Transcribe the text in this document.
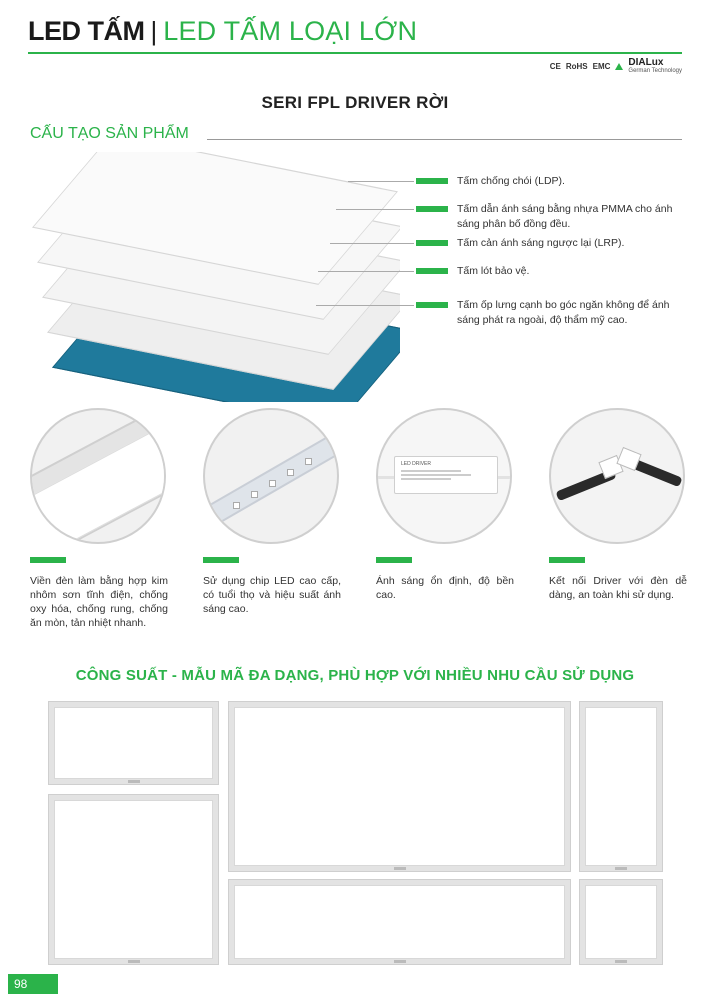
LED TẤM | LED TẤM LOẠI LỚN
CE RoHS EMC DIALux
German Technology
SERI FPL DRIVER RỜI
CẤU TẠO SẢN PHẨM
Tấm chống chói (LDP).
Tấm dẫn ánh sáng bằng nhựa PMMA cho ánh sáng phân bố đồng đều.
Tấm cản ánh sáng ngược lại (LRP).
Tấm lót bảo vệ.
Tấm ốp lưng cạnh bo góc ngăn không để ánh sáng phát ra ngoài, độ thẩm mỹ cao.
Viền đèn làm bằng hợp kim nhôm sơn tĩnh điện, chống oxy hóa, chống rung, chống ăn mòn, tản nhiệt nhanh.
Sử dụng chip LED cao cấp, có tuổi thọ và hiệu suất ánh sáng cao.
LED DRIVER
Ánh sáng ổn định, độ bền cao.
Kết nối Driver với đèn dễ dàng, an toàn khi sử dụng.
CÔNG SUẤT - MẪU MÃ ĐA DẠNG, PHÙ HỢP VỚI NHIỀU NHU CẦU SỬ DỤNG
98
